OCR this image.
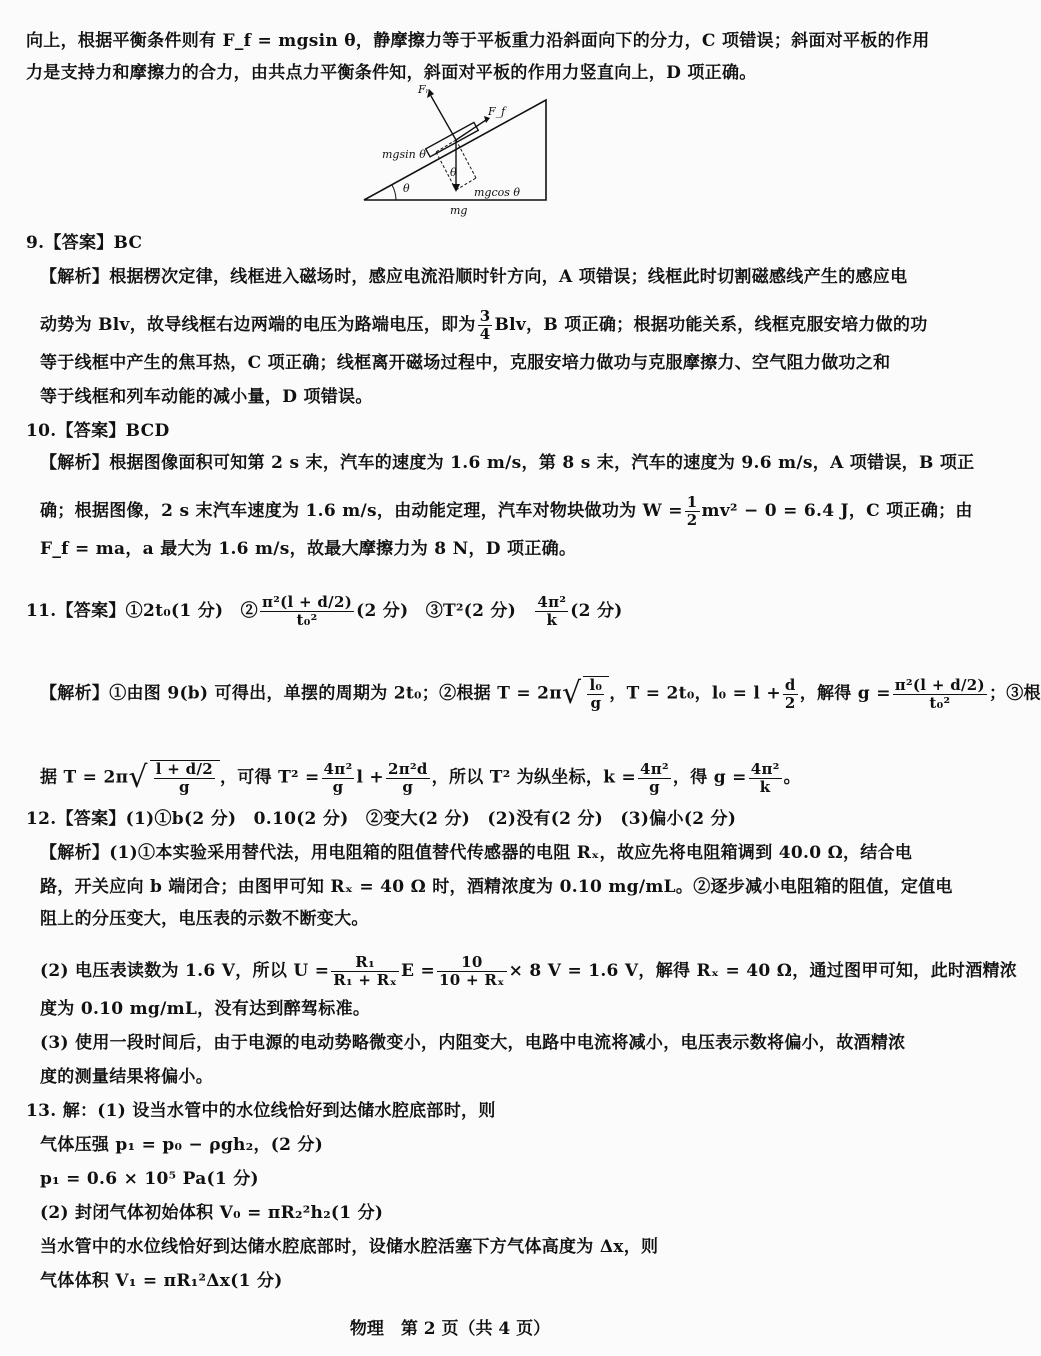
向上，根据平衡条件则有 F_f = mgsin θ，静摩擦力等于平板重力沿斜面向下的分力，C 项错误；斜面对平板的作用
力是支持力和摩擦力的合力，由共点力平衡条件知，斜面对平板的作用力竖直向上，D 项正确。
Fₙ
F_f
mgsin θ
θ
θ
mgcos θ
mg
9.【答案】BC
【解析】根据楞次定律，线框进入磁场时，感应电流沿顺时针方向，A 项错误；线框此时切割磁感线产生的感应电
动势为 Blv，故导线框右边两端的电压为路端电压，即为 $\frac{3}{4}$ Blv，B 项正确；根据功能关系，线框克服安培力做的功
等于线框中产生的焦耳热，C 项正确；线框离开磁场过程中，克服安培力做功与克服摩擦力、空气阻力做功之和
等于线框和列车动能的减小量，D 项错误。
10.【答案】BCD
【解析】根据图像面积可知第 2 s 末，汽车的速度为 1.6 m/s，第 8 s 末，汽车的速度为 9.6 m/s，A 项错误，B 项正
确；根据图像，2 s 末汽车速度为 1.6 m/s，由动能定理，汽车对物块做功为 $W = \frac{1}{2} mv^2 - 0 = 6.4$ J，C 项正确；由
F_f = ma，a 最大为 1.6 m/s，故最大摩擦力为 8 N，D 项正确。
11.【答案】①2t₀(1 分)　② $\frac{\text{π²(l + d/2)}}{\text{t₀²}} (2$ 分)　③T²(2 分)　 $\frac{\text{4π²}}{k} (2$ 分)
【解析】①由图 9(b) 可得出，单摆的周期为 2t₀；②根据 $T = 2\pi√ \frac{\text{l₀}}{g}$ ，T = 2t₀，$l_0 = l + \frac{d}{2}$ ，解得 $g = \frac{\text{π²(l + d/2)}}{\text{t₀²}}$ ；③根
据 $T = 2\pi√ \frac{l + d/2}{g}$ ，可得 $T^2 = \frac{\text{4π²}}{g}$ $l + \frac{\text{2π²d}}{g}$ ，所以 T² 为纵坐标，$k = \frac{\text{4π²}}{g}$ ，得 $g = \frac{\text{4π²}}{k}$ 。
12.【答案】(1)①b(2 分)　0.10(2 分)　②变大(2 分)　(2)没有(2 分)　(3)偏小(2 分)
【解析】(1)①本实验采用替代法，用电阻箱的阻值替代传感器的电阻 Rₓ，故应先将电阻箱调到 40.0 Ω，结合电
路，开关应向 b 端闭合；由图甲可知 Rₓ = 40 Ω 时，酒精浓度为 0.10 mg/mL。②逐步减小电阻箱的阻值，定值电
阻上的分压变大，电压表的示数不断变大。
(2) 电压表读数为 1.6 V，所以 $U = \frac{\text{R₁}}{\text{R₁ + Rₓ}}$ $E = \frac{10}{\text{10 + Rₓ}} \times 8$ V = 1.6 V，解得 Rₓ = 40 Ω，通过图甲可知，此时酒精浓
度为 0.10 mg/mL，没有达到醉驾标准。
(3) 使用一段时间后，由于电源的电动势略微变小，内阻变大，电路中电流将减小，电压表示数将偏小，故酒精浓
度的测量结果将偏小。
13. 解：(1) 设当水管中的水位线恰好到达储水腔底部时，则
气体压强 p₁ = p₀ − ρgh₂，(2 分)
p₁ = 0.6 × 10⁵ Pa(1 分)
(2) 封闭气体初始体积 V₀ = πR₂²h₂(1 分)
当水管中的水位线恰好到达储水腔底部时，设储水腔活塞下方气体高度为 Δx，则
气体体积 V₁ = πR₁²Δx(1 分)
物理　第 2 页（共 4 页）
